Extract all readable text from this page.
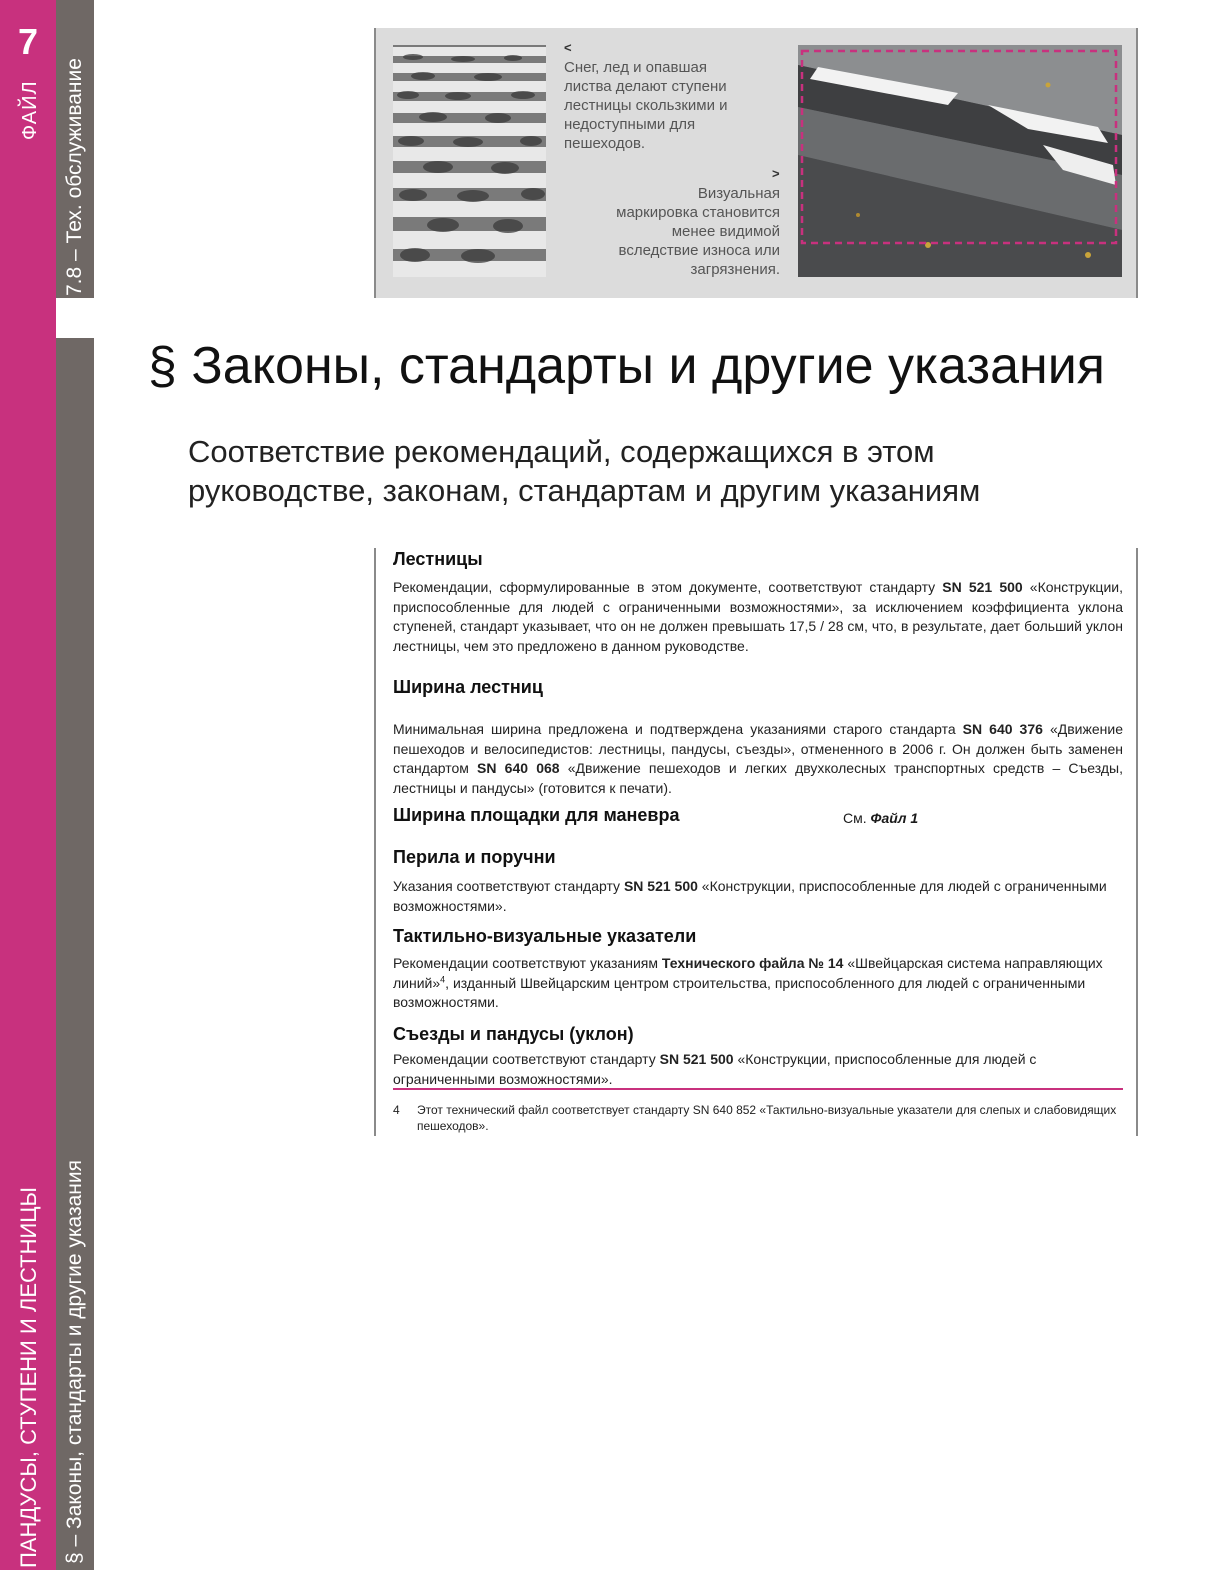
7
ФАЙЛ 7.8 – Тех. обслуживание
ПАНДУСЫ, СТУПЕНИ И ЛЕСТНИЦЫ § – Законы, стандарты и другие указания
<
Снег, лед и опавшая листва делают ступени лестницы скользкими и недоступными для пешеходов.
>
Визуальная маркировка становится менее видимой вследствие износа или загрязнения.
§ Законы, стандарты и другие указания
Соответствие рекомендаций, содержащихся в этом руководстве, законам, стандартам и другим указаниям
Лестницы
Рекомендации, сформулированные в этом документе, соответствуют стандарту SN 521 500 «Конструкции, приспособленные для людей с ограниченными возможностями», за исключением коэффициента уклона ступеней, стандарт указывает, что он не должен превышать 17,5 / 28 см, что, в результате, дает больший уклон лестницы, чем это предложено в данном руководстве.
Ширина лестниц
Минимальная ширина предложена и подтверждена указаниями старого стандарта SN 640 376 «Движение пешеходов и велосипедистов: лестницы, пандусы, съезды», отмененного в 2006 г. Он должен быть заменен стандартом SN 640 068 «Движение пешеходов и легких двухколесных транспортных средств – Съезды, лестницы и пандусы» (готовится к печати).
Ширина площадки для маневра	См. Файл 1
Перила и поручни
Указания соответствуют стандарту SN 521 500 «Конструкции, приспособленные для людей с ограниченными возможностями».
Тактильно-визуальные указатели
Рекомендации соответствуют указаниям Технического файла № 14 «Швейцарская система направляющих линий»$^4$, изданный Швейцарским центром строительства, приспособленного для людей с ограниченными возможностями.
Съезды и пандусы (уклон)
Рекомендации соответствуют стандарту SN 521 500 «Конструкции, приспособленные для людей с ограниченными возможностями».
4 Этот технический файл соответствует стандарту SN 640 852 «Тактильно-визуальные указатели для слепых и слабовидящих пешеходов».
